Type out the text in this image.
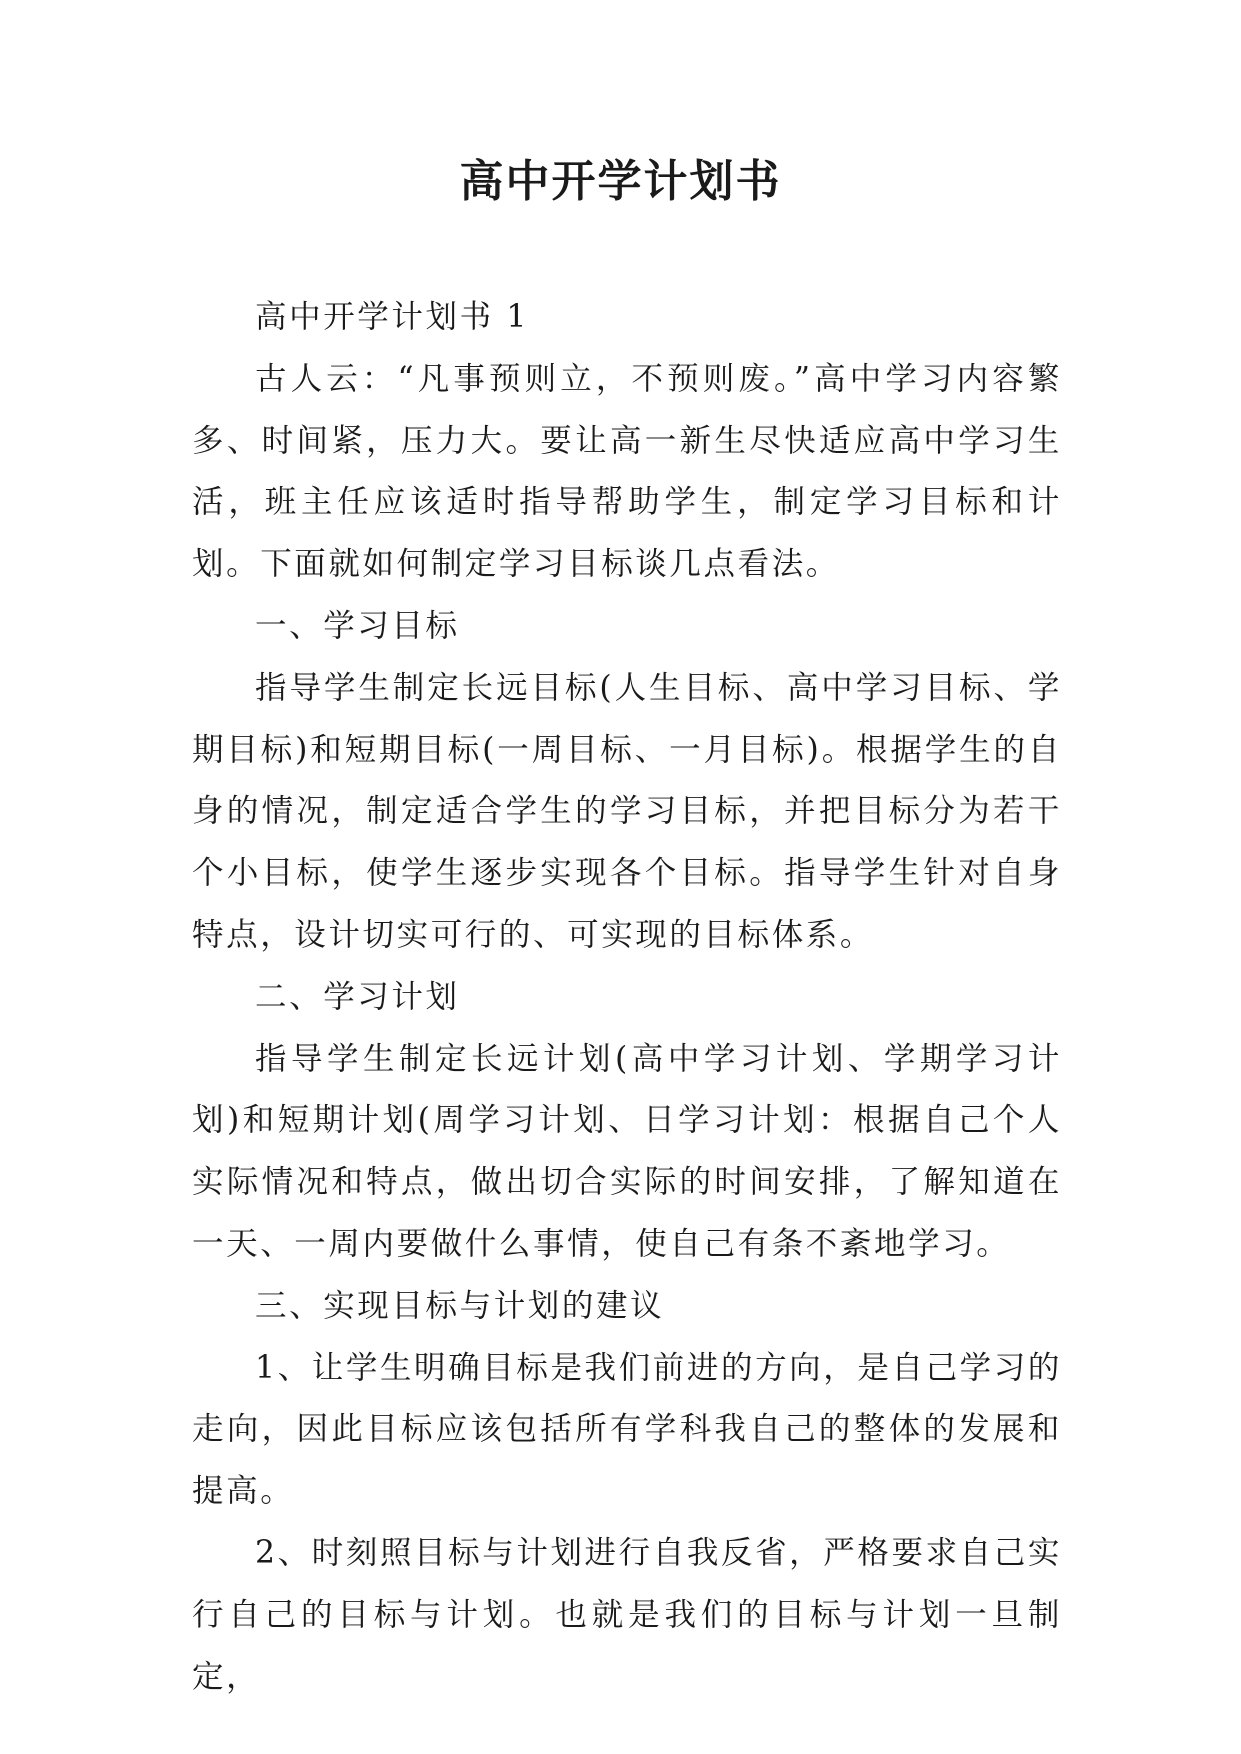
高中开学计划书

高中开学计划书 1

古人云：“凡事预则立，不预则废。”高中学习内容繁多、时间紧，压力大。要让高一新生尽快适应高中学习生活，班主任应该适时指导帮助学生，制定学习目标和计划。下面就如何制定学习目标谈几点看法。

一、学习目标

指导学生制定长远目标(人生目标、高中学习目标、学期目标)和短期目标(一周目标、一月目标)。根据学生的自身的情况，制定适合学生的学习目标，并把目标分为若干个小目标，使学生逐步实现各个目标。指导学生针对自身特点，设计切实可行的、可实现的目标体系。

二、学习计划

指导学生制定长远计划(高中学习计划、学期学习计划)和短期计划(周学习计划、日学习计划：根据自己个人实际情况和特点，做出切合实际的时间安排，了解知道在一天、一周内要做什么事情，使自己有条不紊地学习。

三、实现目标与计划的建议

1、让学生明确目标是我们前进的方向，是自己学习的走向，因此目标应该包括所有学科我自己的整体的发展和提高。

2、时刻照目标与计划进行自我反省，严格要求自己实行自己的目标与计划。也就是我们的目标与计划一旦制定，
